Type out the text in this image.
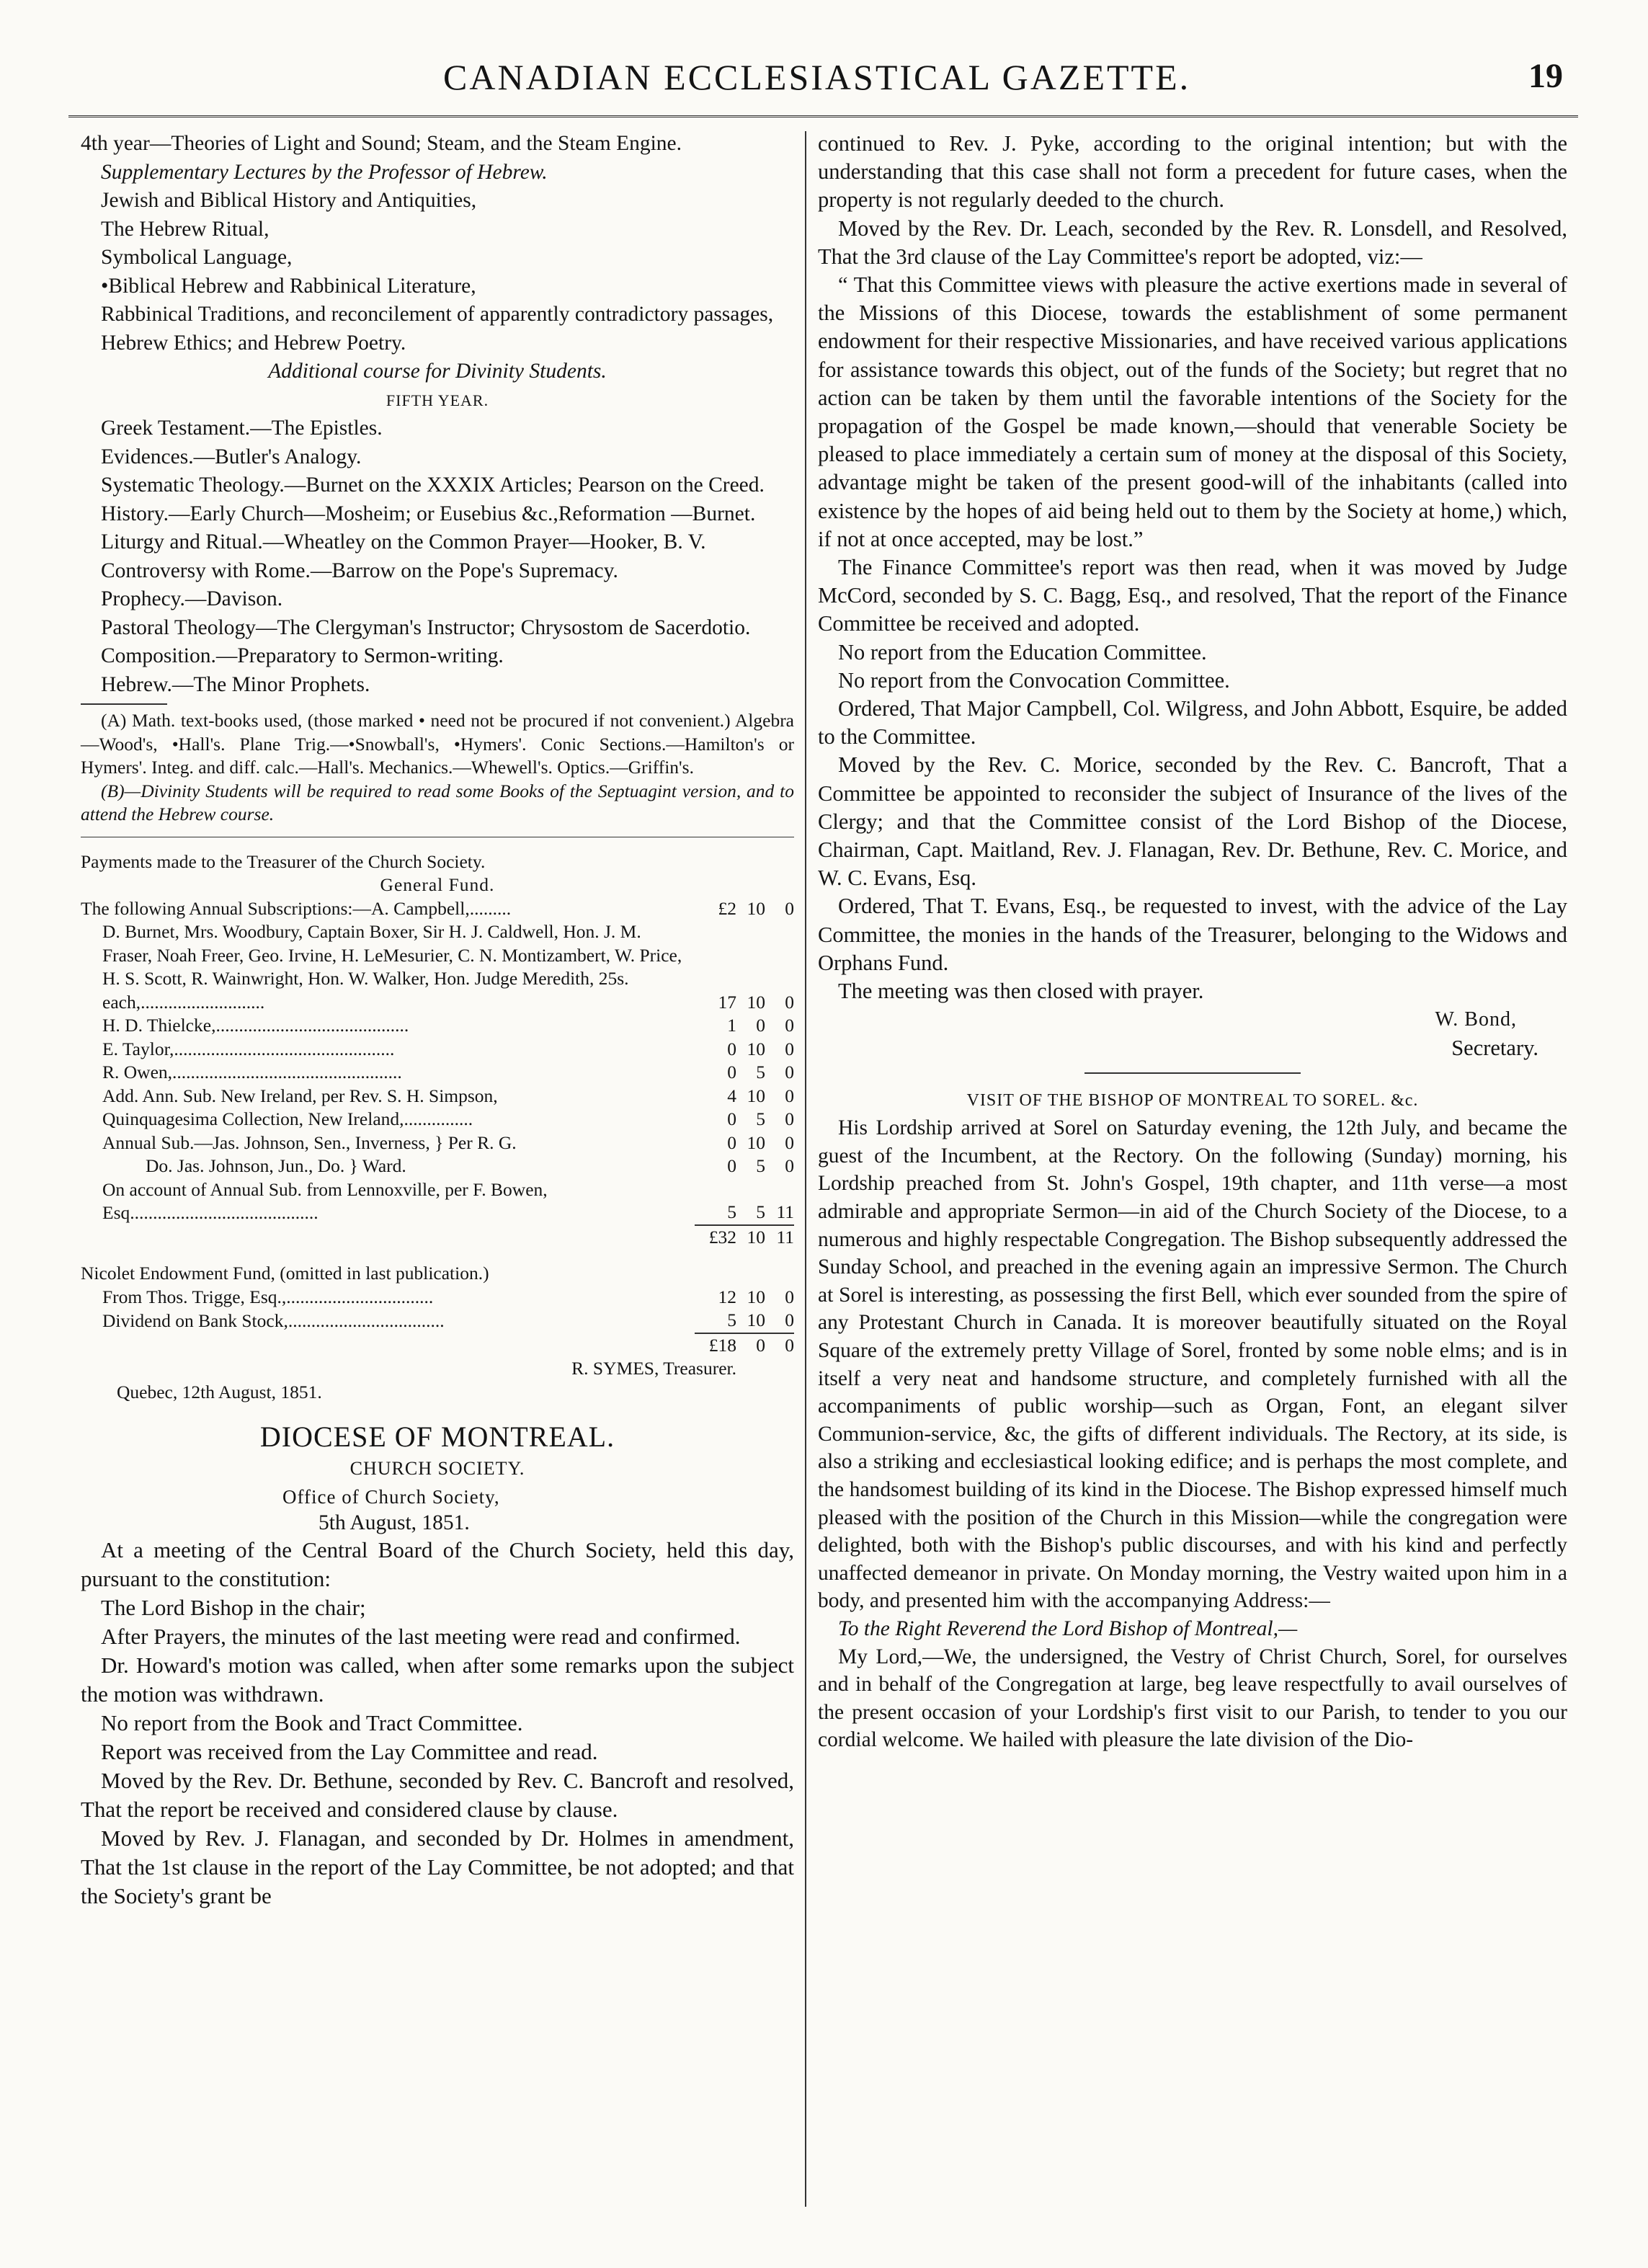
CANADIAN ECCLESIASTICAL GAZETTE.	19

4th year—Theories of Light and Sound; Steam, and the Steam Engine.

Supplementary Lectures by the Professor of Hebrew.

Jewish and Biblical History and Antiquities,

The Hebrew Ritual,

Symbolical Language,

•Biblical Hebrew and Rabbinical Literature,

Rabbinical Traditions, and reconcilement of apparently contradictory passages,

Hebrew Ethics; and Hebrew Poetry.

Additional course for Divinity Students.

FIFTH YEAR.

Greek Testament.—The Epistles.

Evidences.—Butler's Analogy.

Systematic Theology.—Burnet on the XXXIX Articles; Pearson on the Creed.

History.—Early Church—Mosheim; or Eusebius &c.,Reformation —Burnet.

Liturgy and Ritual.—Wheatley on the Common Prayer—Hooker, B. V.

Controversy with Rome.—Barrow on the Pope's Supremacy.

Prophecy.—Davison.

Pastoral Theology—The Clergyman's Instructor; Chrysostom de Sacerdotio.

Composition.—Preparatory to Sermon-writing.

Hebrew.—The Minor Prophets.

(A) Math. text-books used, (those marked • need not be procured if not convenient.) Algebra—Wood's, •Hall's. Plane Trig.—•Snowball's, •Hymers'. Conic Sections.—Hamilton's or Hymers'. Integ. and diff. calc.—Hall's. Mechanics.—Whewell's. Optics.—Griffin's.

(B)—Divinity Students will be required to read some Books of the Septuagint version, and to attend the Hebrew course.

Payments made to the Treasurer of the Church Society.

General Fund.

The following Annual Subscriptions:—A. Campbell,.........	£2	10	0
D. Burnet, Mrs. Woodbury, Captain Boxer, Sir H. J. Caldwell, Hon. J. M. Fraser, Noah Freer, Geo. Irvine, H. LeMesurier, C. N. Montizambert, W. Price, H. S. Scott, R. Wainwright, Hon. W. Walker, Hon. Judge Meredith, 25s. each,...........................	17	10	0
H. D. Thielcke,..........................................	1	0	0
E. Taylor,................................................	0	10	0
R. Owen,..................................................	0	5	0
Add. Ann. Sub. New Ireland, per Rev. S. H. Simpson,	4	10	0
Quinquagesima Collection, New Ireland,...............	0	5	0
Annual Sub.—Jas. Johnson, Sen., Inverness, } Per R. G.	0	10	0
Do. Jas. Johnson, Jun., Do. } Ward.	0	5	0
On account of Annual Sub. from Lennoxville, per F. Bowen, Esq.........................................	5	5	11
	£32	10	11

Nicolet Endowment Fund, (omitted in last publication.)

From Thos. Trigge, Esq.,................................	12	10	0
Dividend on Bank Stock,..................................	5	10	0
	£18	0	0

R. SYMES, Treasurer.

Quebec, 12th August, 1851.

DIOCESE OF MONTREAL.
CHURCH SOCIETY.
Office of Church Society,
5th August, 1851.

At a meeting of the Central Board of the Church Society, held this day, pursuant to the constitution:

The Lord Bishop in the chair;

After Prayers, the minutes of the last meeting were read and confirmed.

Dr. Howard's motion was called, when after some remarks upon the subject the motion was withdrawn.

No report from the Book and Tract Committee.

Report was received from the Lay Committee and read.

Moved by the Rev. Dr. Bethune, seconded by Rev. C. Bancroft and resolved, That the report be received and considered clause by clause.

Moved by Rev. J. Flanagan, and seconded by Dr. Holmes in amendment, That the 1st clause in the report of the Lay Committee, be not adopted; and that the Society's grant be

continued to Rev. J. Pyke, according to the original intention; but with the understanding that this case shall not form a precedent for future cases, when the property is not regularly deeded to the church.

Moved by the Rev. Dr. Leach, seconded by the Rev. R. Lonsdell, and Resolved, That the 3rd clause of the Lay Committee's report be adopted, viz:—

“ That this Committee views with pleasure the active exertions made in several of the Missions of this Diocese, towards the establishment of some permanent endowment for their respective Missionaries, and have received various applications for assistance towards this object, out of the funds of the Society; but regret that no action can be taken by them until the favorable intentions of the Society for the propagation of the Gospel be made known,—should that venerable Society be pleased to place immediately a certain sum of money at the disposal of this Society, advantage might be taken of the present good-will of the inhabitants (called into existence by the hopes of aid being held out to them by the Society at home,) which, if not at once accepted, may be lost.”

The Finance Committee's report was then read, when it was moved by Judge McCord, seconded by S. C. Bagg, Esq., and resolved, That the report of the Finance Committee be received and adopted.

No report from the Education Committee.

No report from the Convocation Committee.

Ordered, That Major Campbell, Col. Wilgress, and John Abbott, Esquire, be added to the Committee.

Moved by the Rev. C. Morice, seconded by the Rev. C. Bancroft, That a Committee be appointed to reconsider the subject of Insurance of the lives of the Clergy; and that the Committee consist of the Lord Bishop of the Diocese, Chairman, Capt. Maitland, Rev. J. Flanagan, Rev. Dr. Bethune, Rev. C. Morice, and W. C. Evans, Esq.

Ordered, That T. Evans, Esq., be requested to invest, with the advice of the Lay Committee, the monies in the hands of the Treasurer, belonging to the Widows and Orphans Fund.

The meeting was then closed with prayer.

W. Bond,

Secretary.

VISIT OF THE BISHOP OF MONTREAL TO SOREL. &c.

His Lordship arrived at Sorel on Saturday evening, the 12th July, and became the guest of the Incumbent, at the Rectory. On the following (Sunday) morning, his Lordship preached from St. John's Gospel, 19th chapter, and 11th verse—a most admirable and appropriate Sermon—in aid of the Church Society of the Diocese, to a numerous and highly respectable Congregation. The Bishop subsequently addressed the Sunday School, and preached in the evening again an impressive Sermon. The Church at Sorel is interesting, as possessing the first Bell, which ever sounded from the spire of any Protestant Church in Canada. It is moreover beautifully situated on the Royal Square of the extremely pretty Village of Sorel, fronted by some noble elms; and is in itself a very neat and handsome structure, and completely furnished with all the accompaniments of public worship—such as Organ, Font, an elegant silver Communion-service, &c, the gifts of different individuals. The Rectory, at its side, is also a striking and ecclesiastical looking edifice; and is perhaps the most complete, and the handsomest building of its kind in the Diocese. The Bishop expressed himself much pleased with the position of the Church in this Mission—while the congregation were delighted, both with the Bishop's public discourses, and with his kind and perfectly unaffected demeanor in private. On Monday morning, the Vestry waited upon him in a body, and presented him with the accompanying Address:—

To the Right Reverend the Lord Bishop of Montreal,—

My Lord,—We, the undersigned, the Vestry of Christ Church, Sorel, for ourselves and in behalf of the Congregation at large, beg leave respectfully to avail ourselves of the present occasion of your Lordship's first visit to our Parish, to tender to you our cordial welcome. We hailed with pleasure the late division of the Dio-
